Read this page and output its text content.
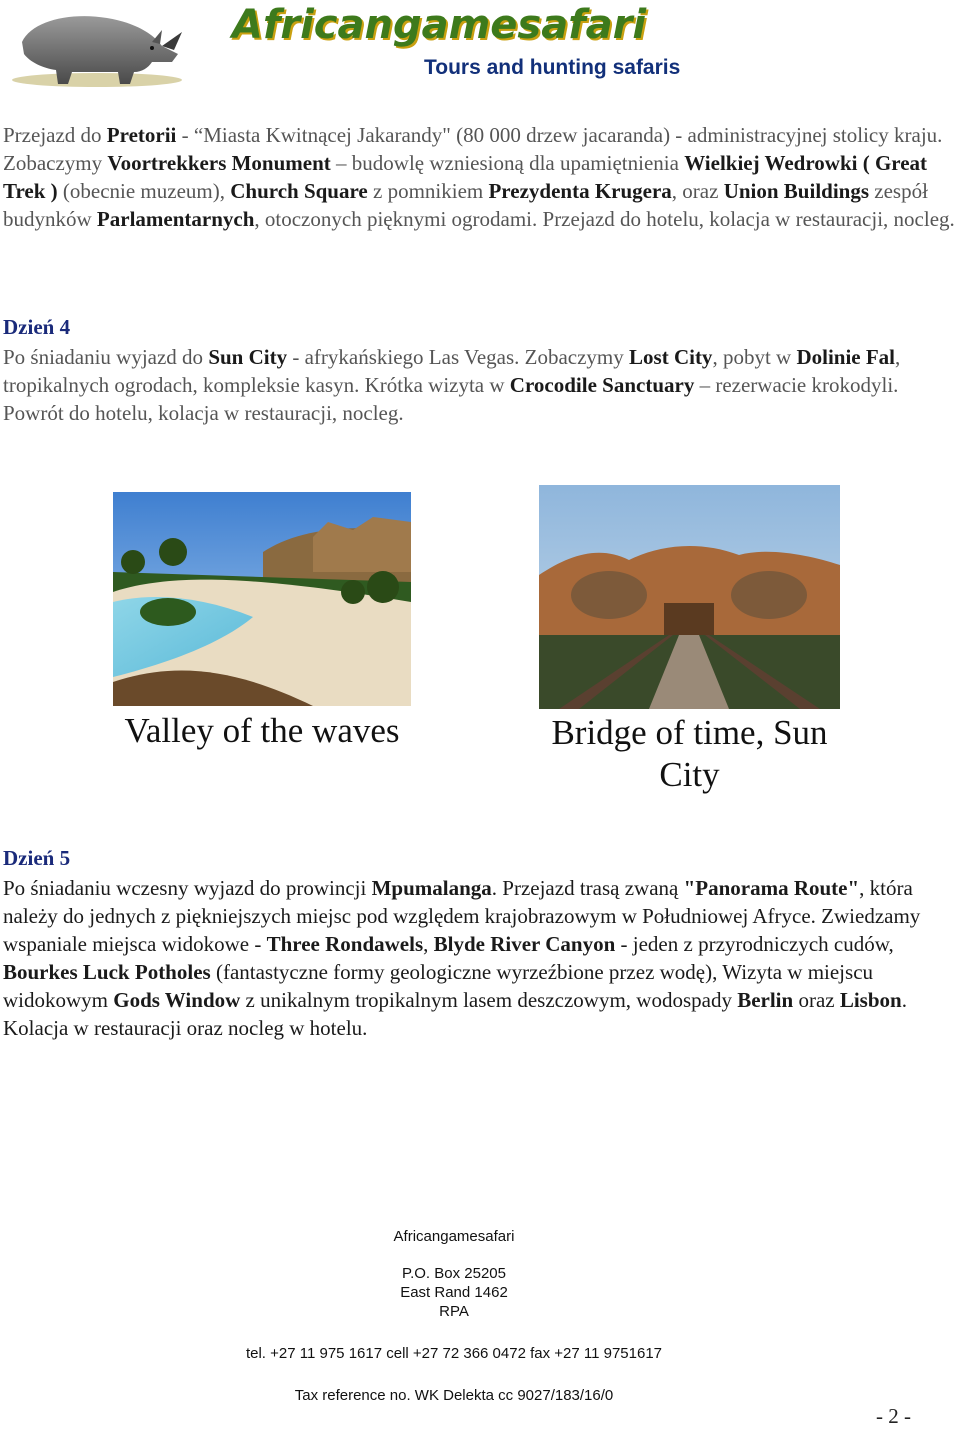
Africangamesafari
Tours and hunting safaris

Przejazd do Pretorii - “Miasta Kwitnącej Jakarandy" (80 000 drzew jacaranda) - administracyjnej stolicy kraju. Zobaczymy Voortrekkers Monument – budowlę wzniesioną dla upamiętnienia Wielkiej Wedrowki ( Great Trek ) (obecnie muzeum), Church Square z pomnikiem Prezydenta Krugera, oraz Union Buildings zespół budynków Parlamentarnych, otoczonych pięknymi ogrodami. Przejazd do hotelu, kolacja w restauracji, nocleg.

Dzień 4

Po śniadaniu wyjazd do Sun City - afrykańskiego Las Vegas. Zobaczymy Lost City, pobyt w Dolinie Fal, tropikalnych ogrodach, kompleksie kasyn. Krótka wizyta w Crocodile Sanctuary – rezerwacie krokodyli. Powrót do hotelu, kolacja w restauracji, nocleg.

Valley of the waves	Bridge of time, Sun City

Dzień 5

Po śniadaniu wczesny wyjazd do prowincji Mpumalanga. Przejazd trasą zwaną "Panorama Route", która należy do jednych z piękniejszych miejsc pod względem krajobrazowym w Południowej Afryce. Zwiedzamy wspaniale miejsca widokowe - Three Rondawels, Blyde River Canyon - jeden z przyrodniczych cudów, Bourkes Luck Potholes (fantastyczne formy geologiczne wyrzeźbione przez wodę), Wizyta w miejscu widokowym Gods Window z unikalnym tropikalnym lasem deszczowym, wodospady Berlin oraz Lisbon. Kolacja w restauracji oraz nocleg w hotelu.

Africangamesafari
P.O. Box 25205
East Rand 1462
RPA
tel. +27 11 975 1617 cell +27 72 366 0472 fax +27 11 9751617
Tax reference no. WK Delekta cc 9027/183/16/0
- 2 -
